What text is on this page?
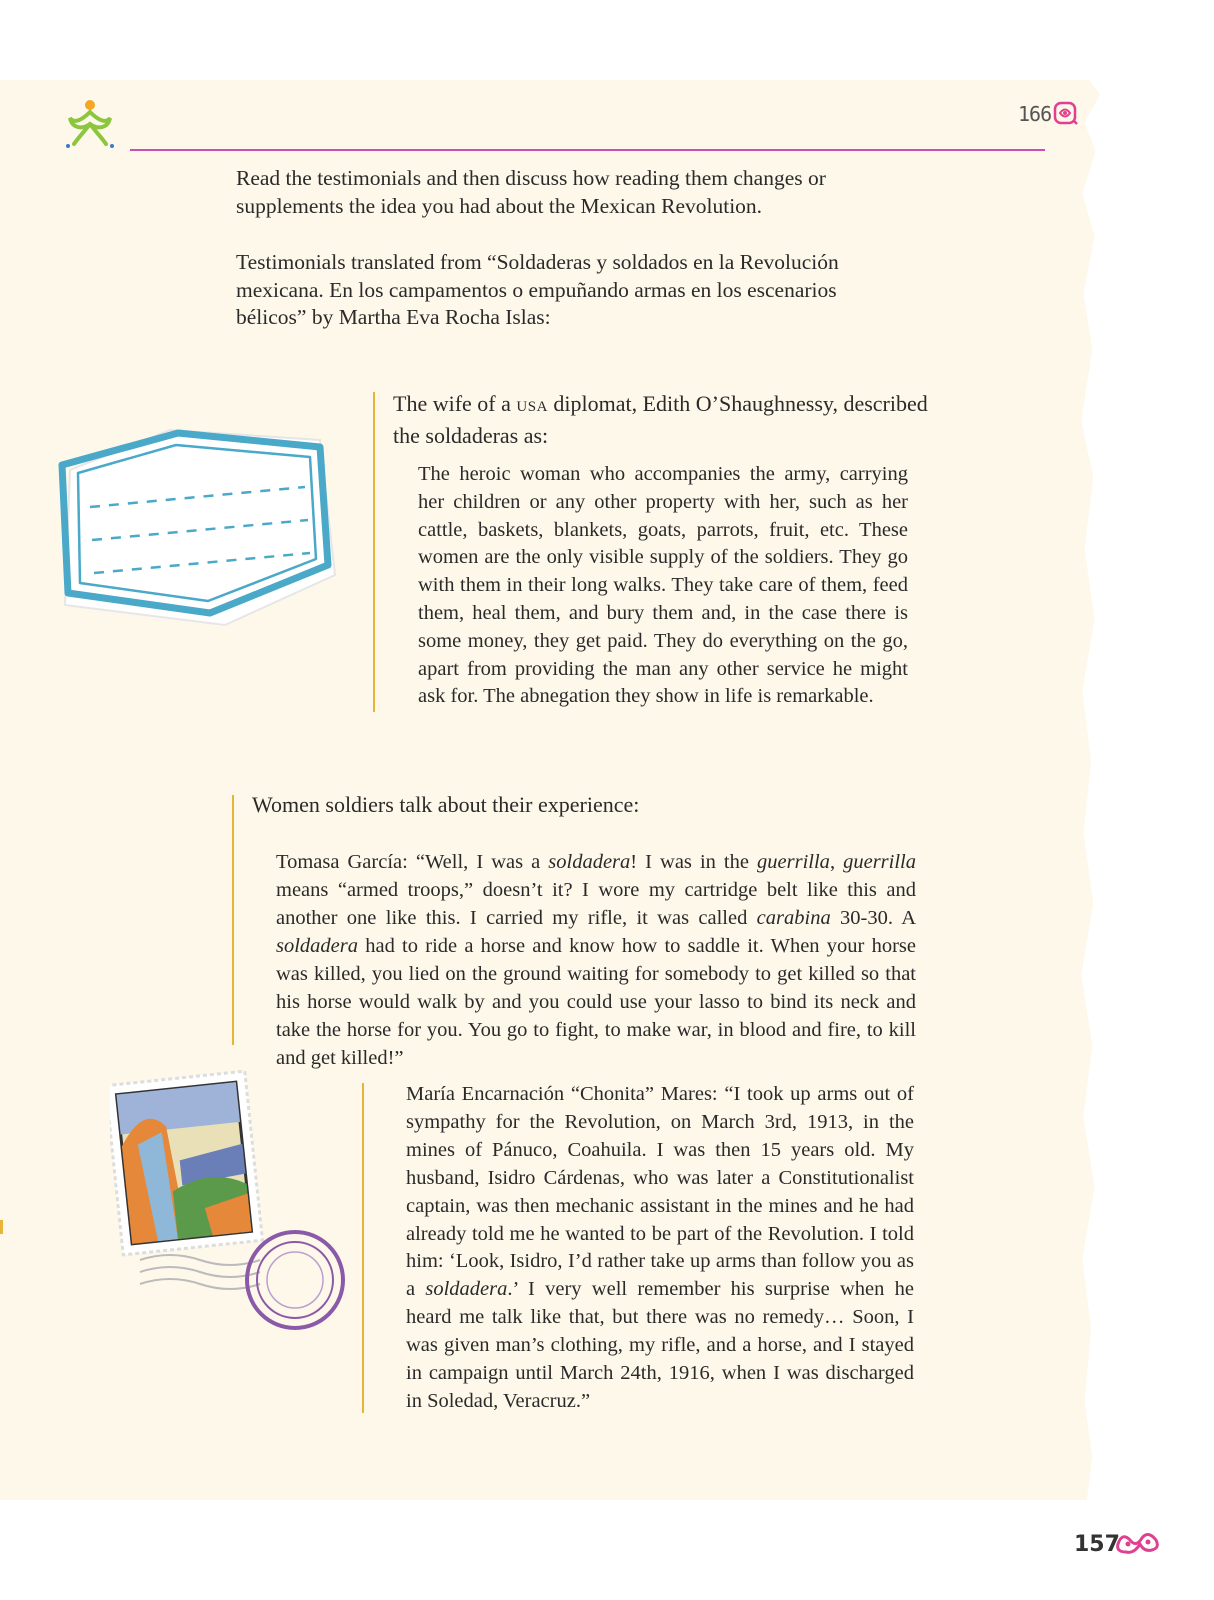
166

Read the testimonials and then discuss how reading them changes or supplements the idea you had about the Mexican Revolution.

Testimonials translated from “Soldaderas y soldados en la Revolución mexicana. En los campamentos o empuñando armas en los escenarios bélicos” by Martha Eva Rocha Islas:

The wife of a USA diplomat, Edith O’Shaughnessy, described the soldaderas as:

The heroic woman who accompanies the army, carrying her children or any other property with her, such as her cattle, baskets, blankets, goats, parrots, fruit, etc. These women are the only visible supply of the soldiers. They go with them in their long walks. They take care of them, feed them, heal them, and bury them and, in the case there is some money, they get paid. They do everything on the go, apart from providing the man any other service he might ask for. The abnegation they show in life is remarkable.

Women soldiers talk about their experience:

Tomasa García: “Well, I was a soldadera! I was in the guerrilla, guerrilla means “armed troops,” doesn’t it? I wore my cartridge belt like this and another one like this. I carried my rifle, it was called carabina 30-30. A soldadera had to ride a horse and know how to saddle it. When your horse was killed, you lied on the ground waiting for somebody to get killed so that his horse would walk by and you could use your lasso to bind its neck and take the horse for you. You go to fight, to make war, in blood and fire, to kill and get killed!”

María Encarnación “Chonita” Mares: “I took up arms out of sympathy for the Revolution, on March 3rd, 1913, in the mines of Pánuco, Coahuila. I was then 15 years old. My husband, Isidro Cárdenas, who was later a Constitutionalist captain, was then mechanic assistant in the mines and he had already told me he wanted to be part of the Revolution. I told him: ‘Look, Isidro, I’d rather take up arms than follow you as a soldadera.’ I very well remember his surprise when he heard me talk like that, but there was no remedy… Soon, I was given man’s clothing, my rifle, and a horse, and I stayed in campaign until March 24th, 1916, when I was discharged in Soledad, Veracruz.”

157
